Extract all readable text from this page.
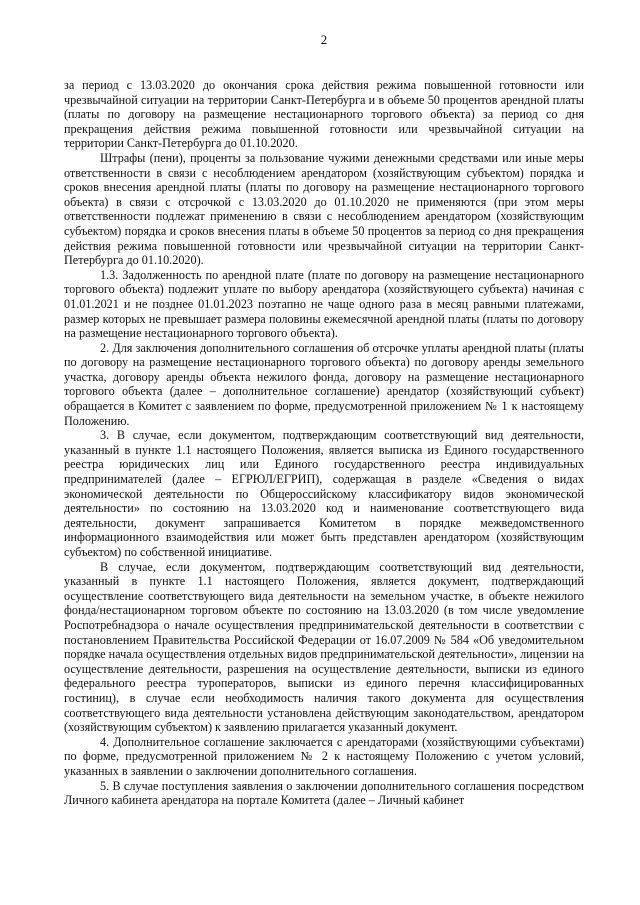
2

за период с 13.03.2020 до окончания срока действия режима повышенной готовности или чрезвычайной ситуации на территории Санкт-Петербурга и в объеме 50 процентов арендной платы (платы по договору на размещение нестационарного торгового объекта) за период со дня прекращения действия режима повышенной готовности или чрезвычайной ситуации на территории Санкт-Петербурга до 01.10.2020.

Штрафы (пени), проценты за пользование чужими денежными средствами или иные меры ответственности в связи с несоблюдением арендатором (хозяйствующим субъектом) порядка и сроков внесения арендной платы (платы по договору на размещение нестационарного торгового объекта) в связи с отсрочкой с 13.03.2020 до 01.10.2020 не применяются (при этом меры ответственности подлежат применению в связи с несоблюдением арендатором (хозяйствующим субъектом) порядка и сроков внесения платы в объеме 50 процентов за период со дня прекращения действия режима повышенной готовности или чрезвычайной ситуации на территории Санкт-Петербурга до 01.10.2020).

1.3. Задолженность по арендной плате (плате по договору на размещение нестационарного торгового объекта) подлежит уплате по выбору арендатора (хозяйствующего субъекта) начиная с 01.01.2021 и не позднее 01.01.2023 поэтапно не чаще одного раза в месяц равными платежами, размер которых не превышает размера половины ежемесячной арендной платы (платы по договору на размещение нестационарного торгового объекта).

2. Для заключения дополнительного соглашения об отсрочке уплаты арендной платы (платы по договору на размещение нестационарного торгового объекта) по договору аренды земельного участка, договору аренды объекта нежилого фонда, договору на размещение нестационарного торгового объекта (далее – дополнительное соглашение) арендатор (хозяйствующий субъект) обращается в Комитет с заявлением по форме, предусмотренной приложением № 1 к настоящему Положению.

3. В случае, если документом, подтверждающим соответствующий вид деятельности, указанный в пункте 1.1 настоящего Положения, является выписка из Единого государственного реестра юридических лиц или Единого государственного реестра индивидуальных предпринимателей (далее – ЕГРЮЛ/ЕГРИП), содержащая в разделе «Сведения о видах экономической деятельности по Общероссийскому классификатору видов экономической деятельности» по состоянию на 13.03.2020 код и наименование соответствующего вида деятельности, документ запрашивается Комитетом в порядке межведомственного информационного взаимодействия или может быть представлен арендатором (хозяйствующим субъектом) по собственной инициативе.

В случае, если документом, подтверждающим соответствующий вид деятельности, указанный в пункте 1.1 настоящего Положения, является документ, подтверждающий осуществление соответствующего вида деятельности на земельном участке, в объекте нежилого фонда/нестационарном торговом объекте по состоянию на 13.03.2020 (в том числе уведомление Роспотребнадзора о начале осуществления предпринимательской деятельности в соответствии с постановлением Правительства Российской Федерации от 16.07.2009 № 584 «Об уведомительном порядке начала осуществления отдельных видов предпринимательской деятельности», лицензии на осуществление деятельности, разрешения на осуществление деятельности, выписки из единого федерального реестра туроператоров, выписки из единого перечня классифицированных гостиниц), в случае если необходимость наличия такого документа для осуществления соответствующего вида деятельности установлена действующим законодательством, арендатором (хозяйствующим субъектом) к заявлению прилагается указанный документ.

4. Дополнительное соглашение заключается с арендаторами (хозяйствующими субъектами) по форме, предусмотренной приложением № 2 к настоящему Положению с учетом условий, указанных в заявлении о заключении дополнительного соглашения.

5. В случае поступления заявления о заключении дополнительного соглашения посредством Личного кабинета арендатора на портале Комитета (далее – Личный кабинет
